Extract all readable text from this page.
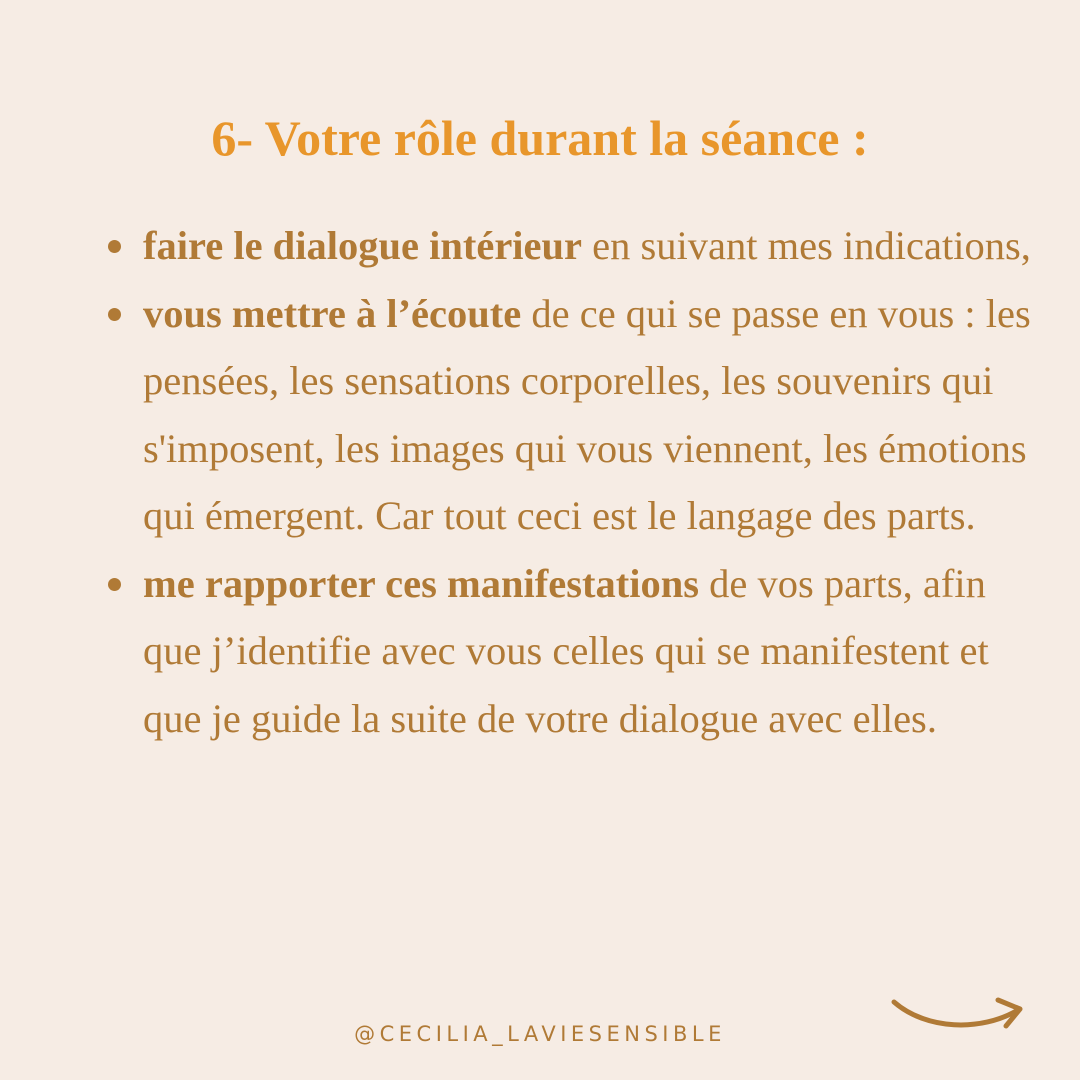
6- Votre rôle durant la séance :
faire le dialogue intérieur en suivant mes indications,
vous mettre à l’écoute de ce qui se passe en vous : les pensées, les sensations corporelles, les souvenirs qui s'imposent, les images qui vous viennent, les émotions qui émergent. Car tout ceci est le langage des parts.
me rapporter ces manifestations de vos parts, afin que j’identifie avec vous celles qui se manifestent et que je guide la suite de votre dialogue avec elles.
@CECILIA_LAVIESENSIBLE
